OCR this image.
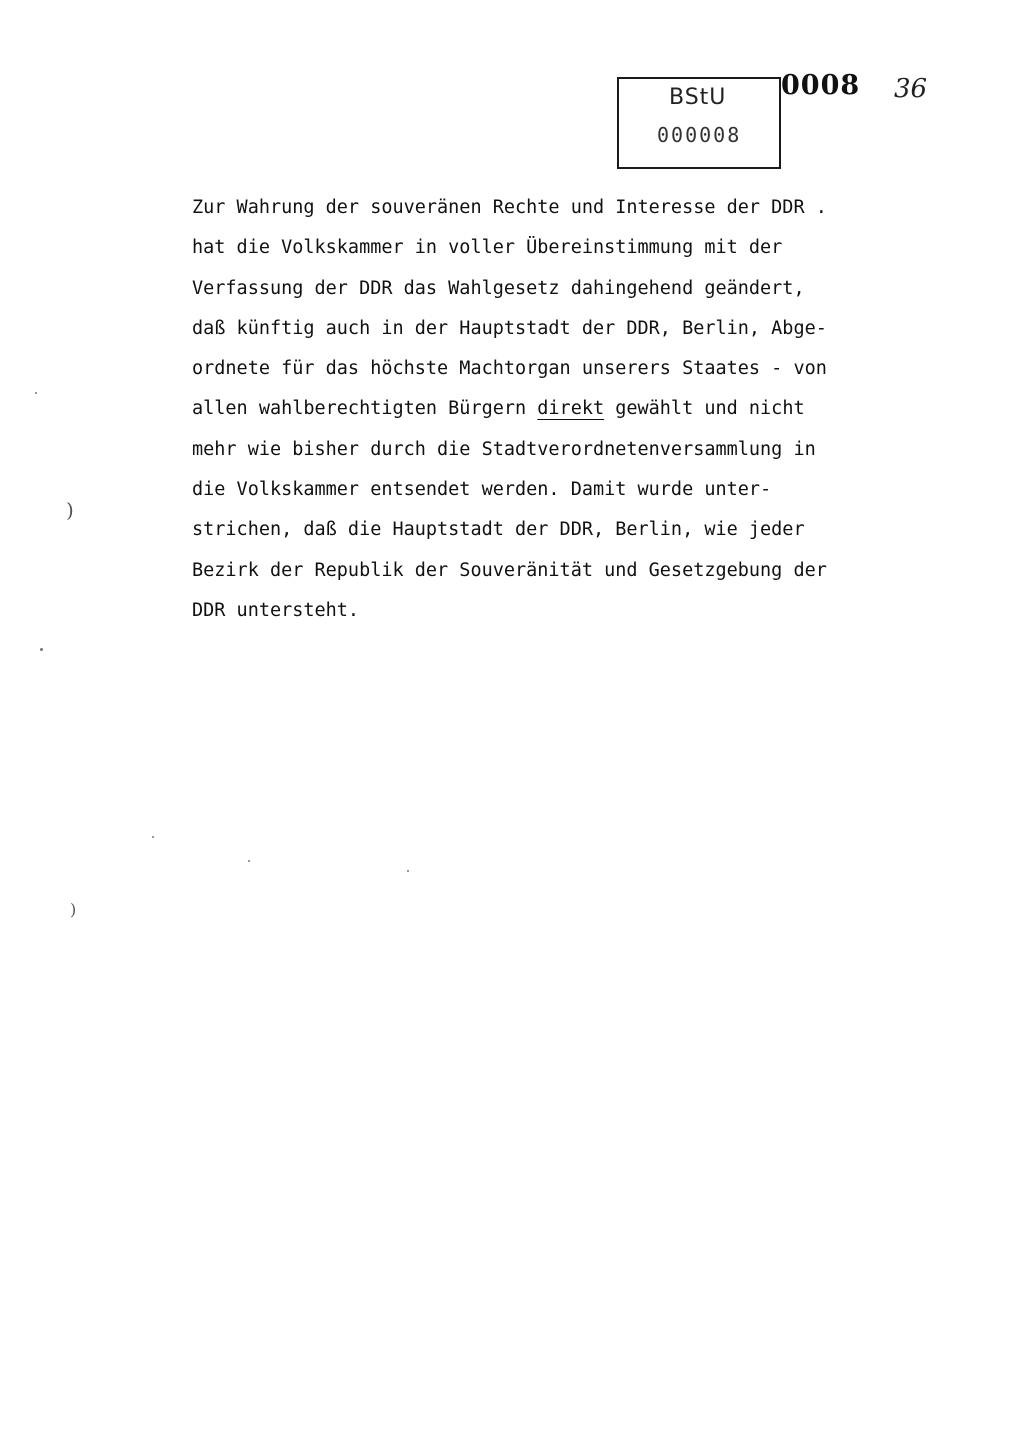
BStU
000008
0008 36
Zur Wahrung der souveränen Rechte und Interesse der DDR .
hat die Volkskammer in voller Übereinstimmung mit der
Verfassung der DDR das Wahlgesetz dahingehend geändert,
daß künftig auch in der Hauptstadt der DDR, Berlin, Abge-
ordnete für das höchste Machtorgan unserers Staates - von
allen wahlberechtigten Bürgern direkt gewählt und nicht
mehr wie bisher durch die Stadtverordnetenversammlung in
die Volkskammer entsendet werden. Damit wurde unter-
strichen, daß die Hauptstadt der DDR, Berlin, wie jeder
Bezirk der Republik der Souveränität und Gesetzgebung der
DDR untersteht.
)
)
